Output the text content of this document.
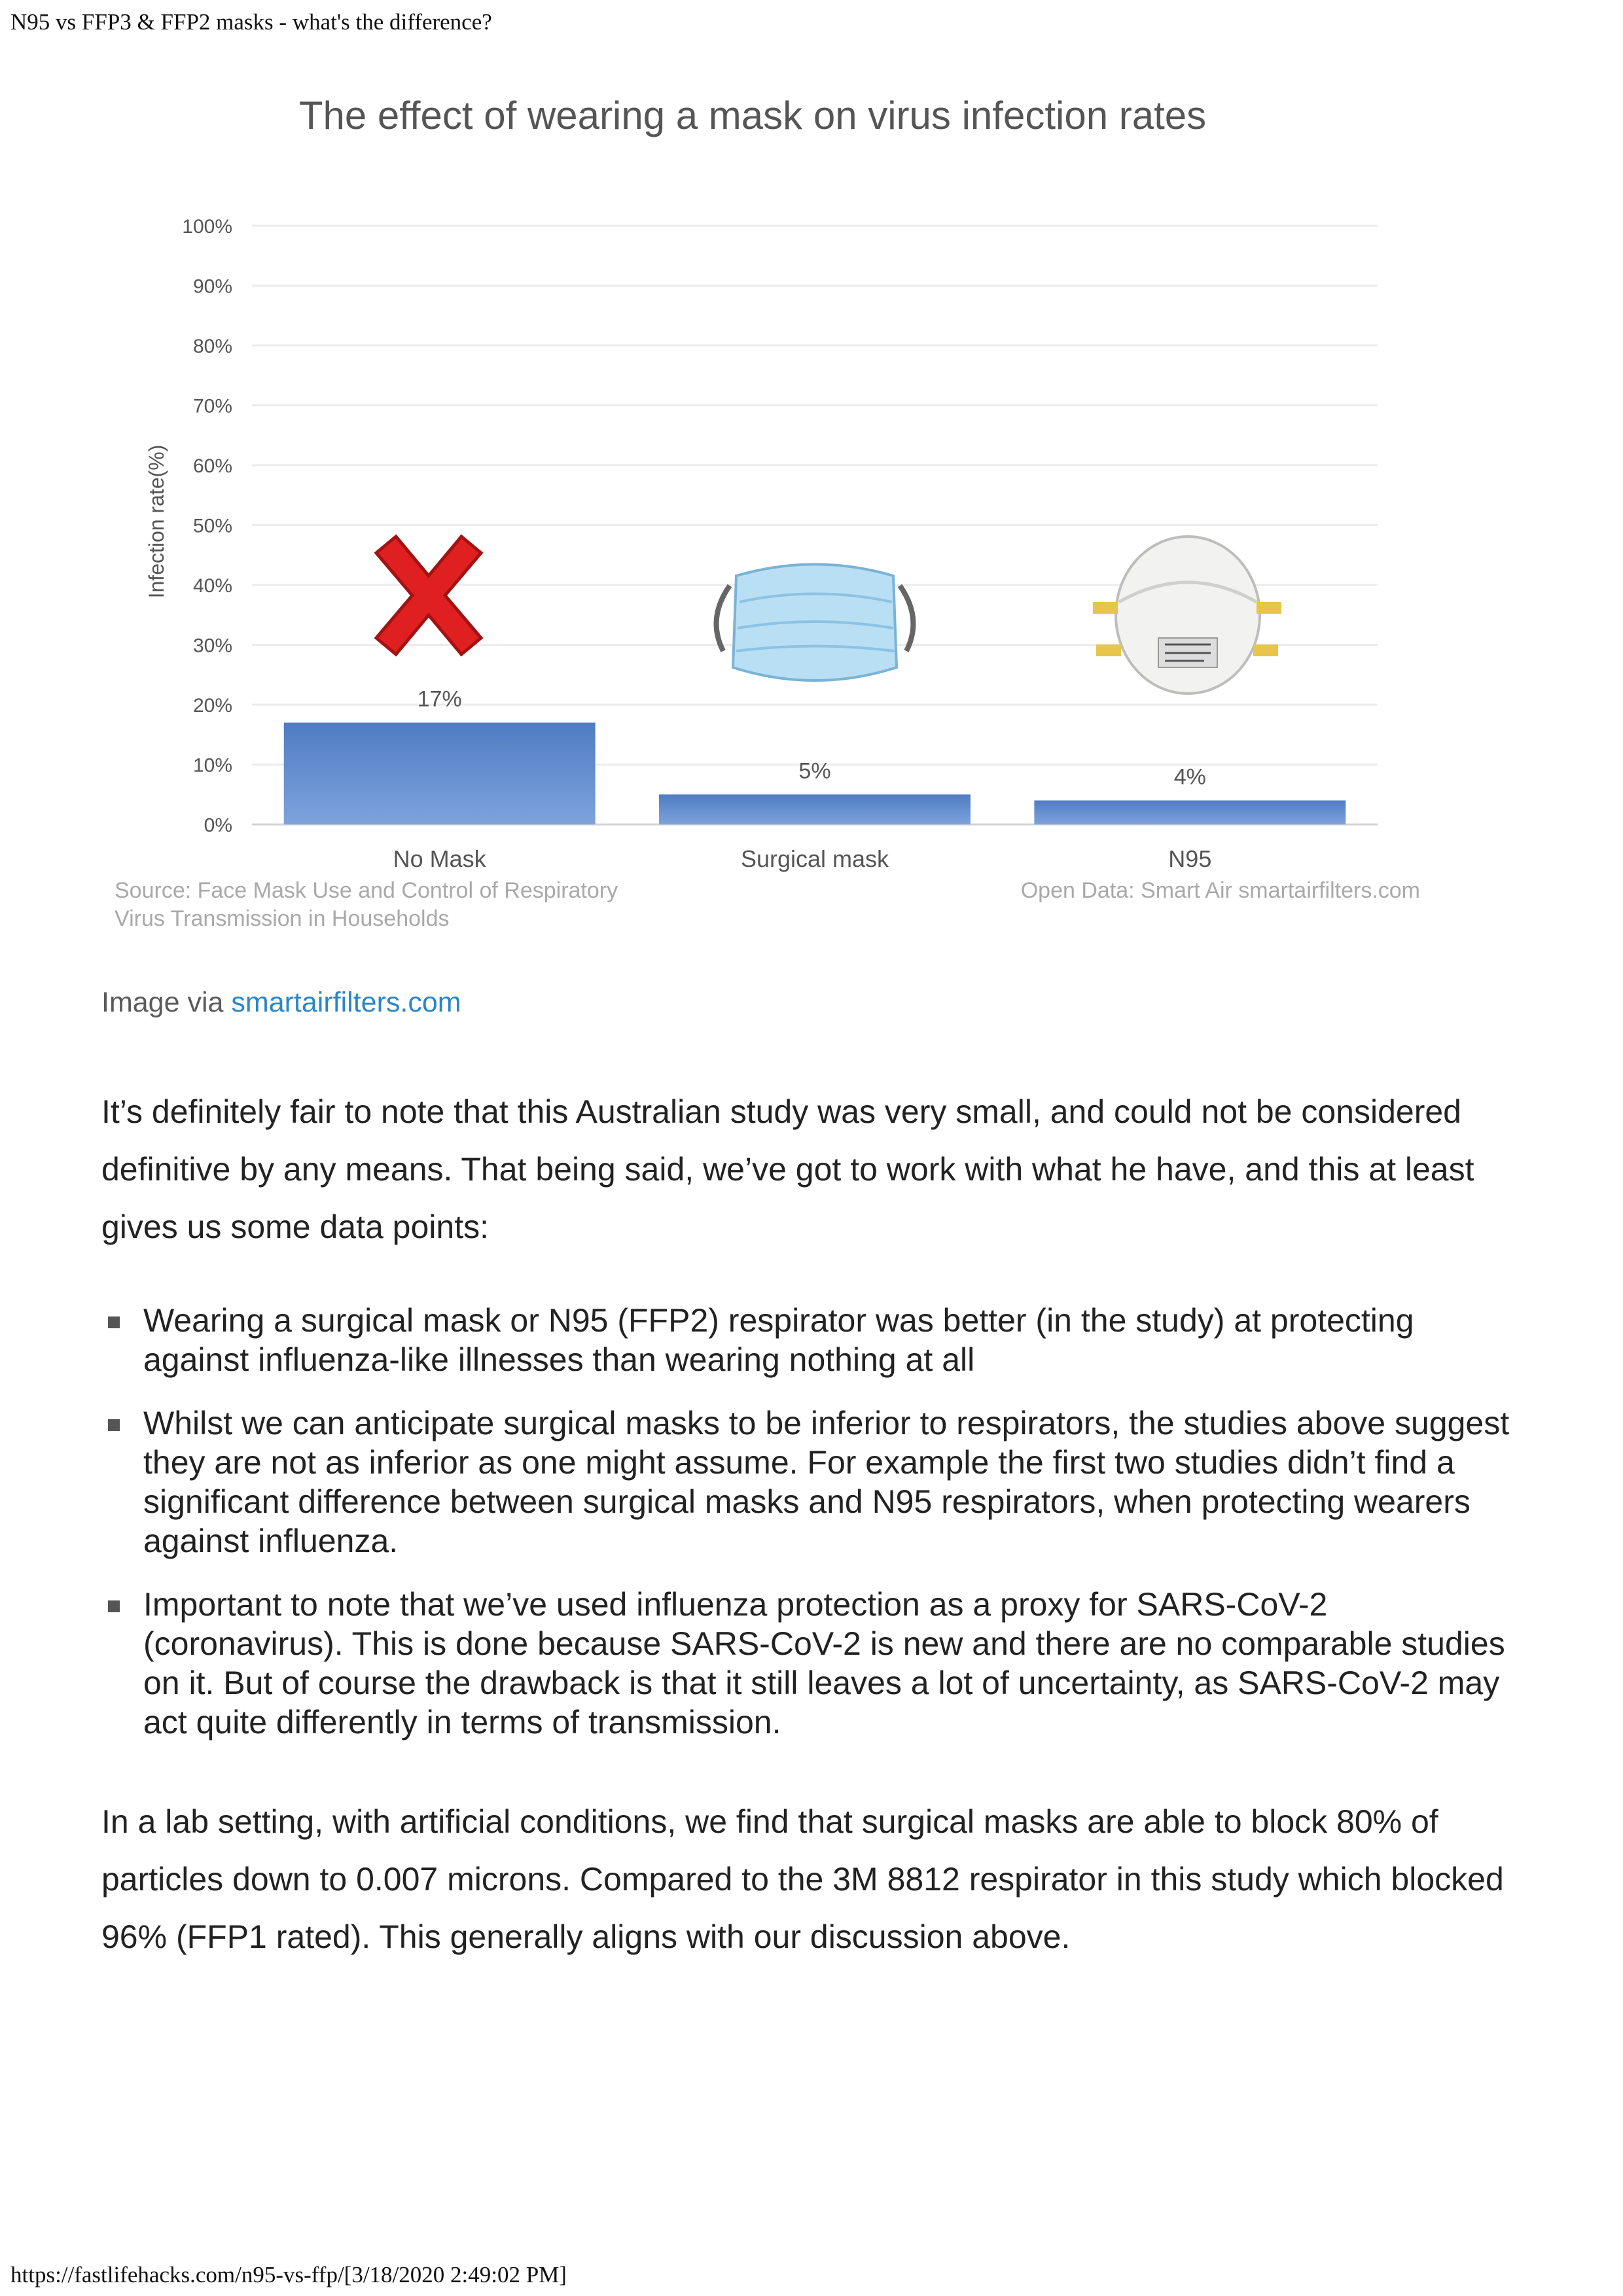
N95 vs FFP3 & FFP2 masks - what's the difference?
The effect of wearing a mask on virus infection rates
Infection rate(%)
0%
10%
20%
30%
40%
50%
60%
70%
80%
90%
100%
17%
5%	4%
No Mask	Surgical mask	N95
Source: Face Mask Use and Control of Respiratory
Virus Transmission in Households
Open Data: Smart Air smartairfilters.com
Image via smartairfilters.com

It’s definitely fair to note that this Australian study was very small, and could not be considered definitive by any means. That being said, we’ve got to work with what he have, and this at least gives us some data points:

Wearing a surgical mask or N95 (FFP2) respirator was better (in the study) at protecting against influenza-like illnesses than wearing nothing at all
Whilst we can anticipate surgical masks to be inferior to respirators, the studies above suggest they are not as inferior as one might assume. For example the first two studies didn’t find a significant difference between surgical masks and N95 respirators, when protecting wearers against influenza.
Important to note that we’ve used influenza protection as a proxy for SARS-CoV-2 (coronavirus). This is done because SARS-CoV-2 is new and there are no comparable studies on it. But of course the drawback is that it still leaves a lot of uncertainty, as SARS-CoV-2 may act quite differently in terms of transmission.

In a lab setting, with artificial conditions, we find that surgical masks are able to block 80% of particles down to 0.007 microns. Compared to the 3M 8812 respirator in this study which blocked 96% (FFP1 rated). This generally aligns with our discussion above.

https://fastlifehacks.com/n95-vs-ffp/[3/18/2020 2:49:02 PM]
